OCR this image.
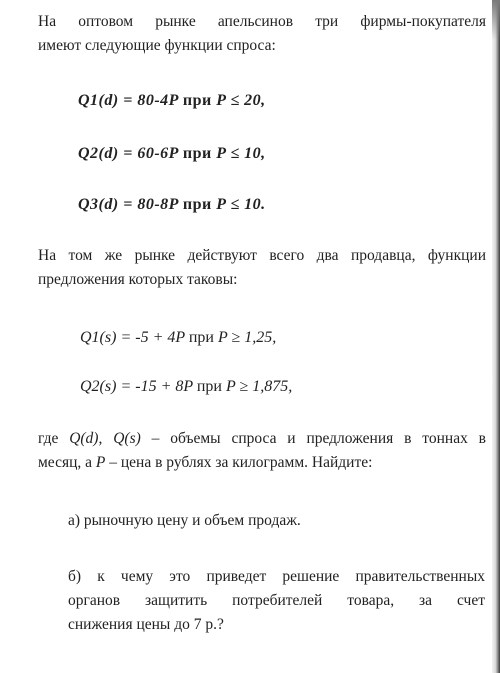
На оптовом рынке апельсинов три фирмы-покупателя
имеют следующие функции спроса:

Q1(d) = 80-4P при P ≤ 20,

Q2(d) = 60-6P при P ≤ 10,

Q3(d) = 80-8P при P ≤ 10.

На том же рынке действуют всего два продавца, функции
предложения которых таковы:

Q1(s) = -5 + 4P при P ≥ 1,25,

Q2(s) = -15 + 8P при P ≥ 1,875,

где Q(d), Q(s) – объемы спроса и предложения в тоннах в
месяц, а P – цена в рублях за килограмм. Найдите:

а) рыночную цену и объем продаж.

б) к чему это приведет решение правительственных
органов защитить потребителей товара, за счет
снижения цены до 7 р.?
